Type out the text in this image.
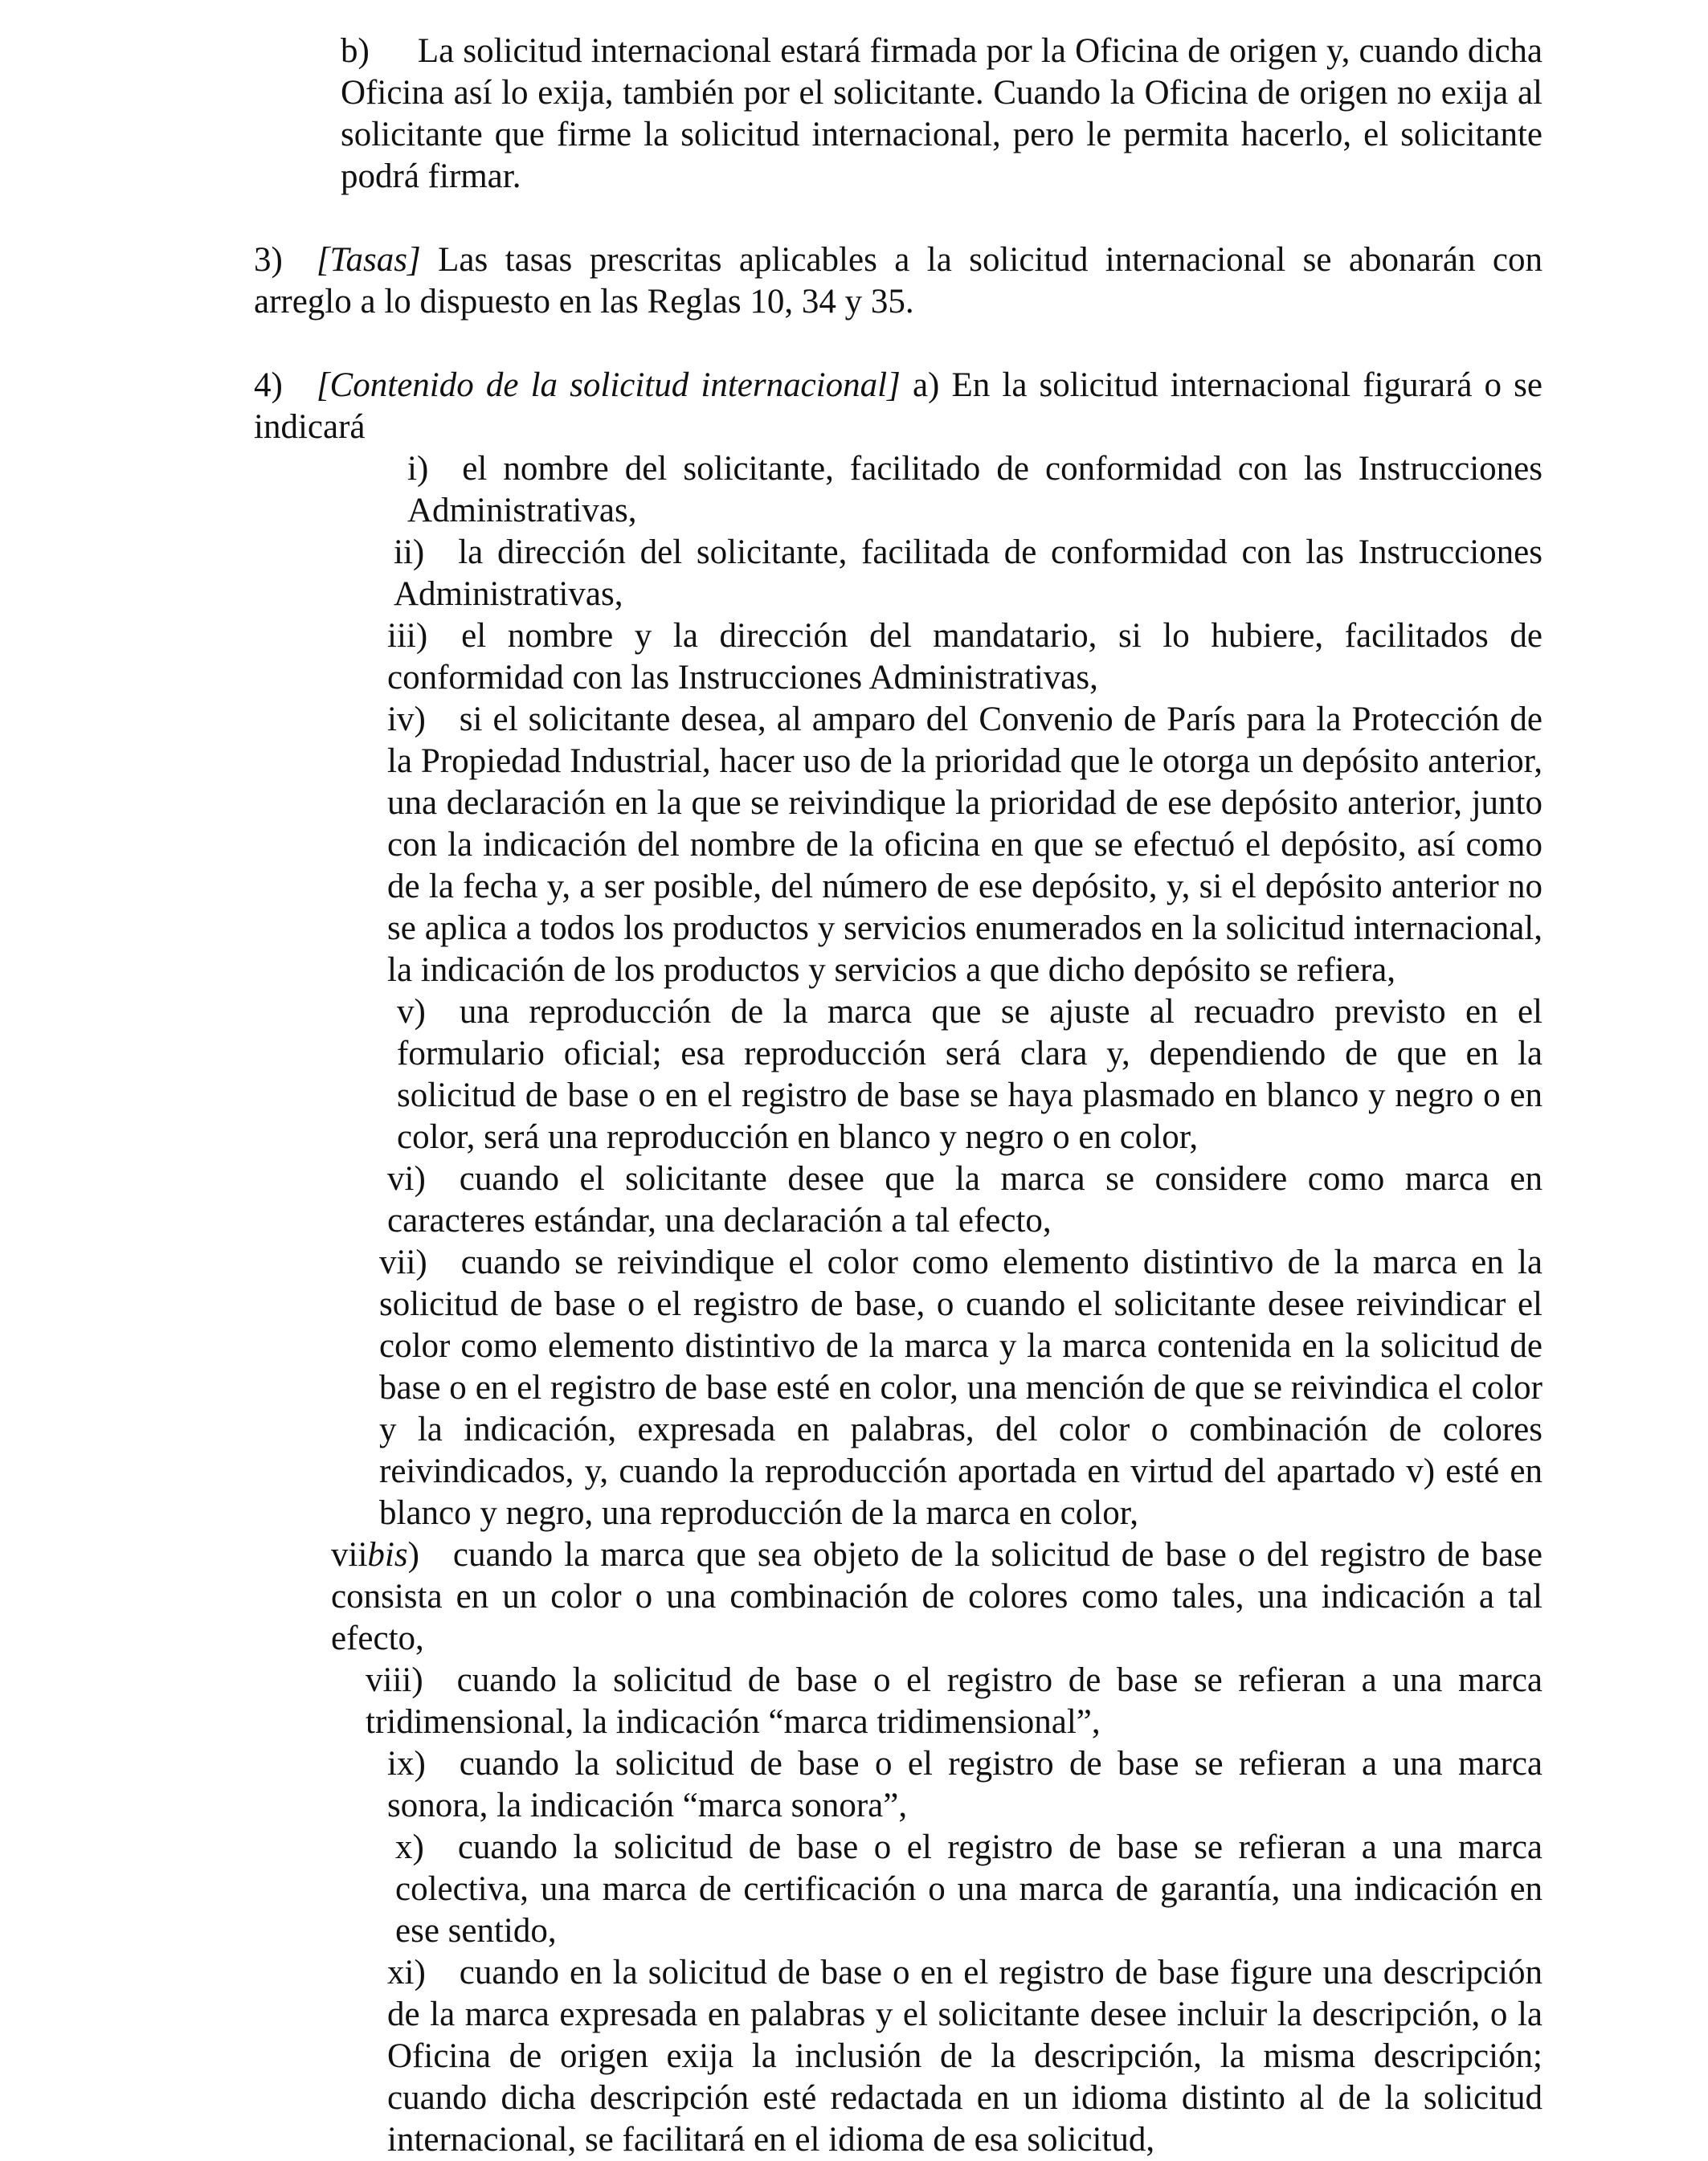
b) La solicitud internacional estará firmada por la Oficina de origen y, cuando dicha Oficina así lo exija, también por el solicitante. Cuando la Oficina de origen no exija al solicitante que firme la solicitud internacional, pero le permita hacerlo, el solicitante podrá firmar.

3) [Tasas] Las tasas prescritas aplicables a la solicitud internacional se abonarán con arreglo a lo dispuesto en las Reglas 10, 34 y 35.

4) [Contenido de la solicitud internacional] a) En la solicitud internacional figurará o se indicará

i) el nombre del solicitante, facilitado de conformidad con las Instrucciones Administrativas,

ii) la dirección del solicitante, facilitada de conformidad con las Instrucciones Administrativas,

iii) el nombre y la dirección del mandatario, si lo hubiere, facilitados de conformidad con las Instrucciones Administrativas,

iv) si el solicitante desea, al amparo del Convenio de París para la Protección de la Propiedad Industrial, hacer uso de la prioridad que le otorga un depósito anterior, una declaración en la que se reivindique la prioridad de ese depósito anterior, junto con la indicación del nombre de la oficina en que se efectuó el depósito, así como de la fecha y, a ser posible, del número de ese depósito, y, si el depósito anterior no se aplica a todos los productos y servicios enumerados en la solicitud internacional, la indicación de los productos y servicios a que dicho depósito se refiera,

v) una reproducción de la marca que se ajuste al recuadro previsto en el formulario oficial; esa reproducción será clara y, dependiendo de que en la solicitud de base o en el registro de base se haya plasmado en blanco y negro o en color, será una reproducción en blanco y negro o en color,

vi) cuando el solicitante desee que la marca se considere como marca en caracteres estándar, una declaración a tal efecto,

vii) cuando se reivindique el color como elemento distintivo de la marca en la solicitud de base o el registro de base, o cuando el solicitante desee reivindicar el color como elemento distintivo de la marca y la marca contenida en la solicitud de base o en el registro de base esté en color, una mención de que se reivindica el color y la indicación, expresada en palabras, del color o combinación de colores reivindicados, y, cuando la reproducción aportada en virtud del apartado v) esté en blanco y negro, una reproducción de la marca en color,

viibis) cuando la marca que sea objeto de la solicitud de base o del registro de base consista en un color o una combinación de colores como tales, una indicación a tal efecto,

viii) cuando la solicitud de base o el registro de base se refieran a una marca tridimensional, la indicación “marca tridimensional”,

ix) cuando la solicitud de base o el registro de base se refieran a una marca sonora, la indicación “marca sonora”,

x) cuando la solicitud de base o el registro de base se refieran a una marca colectiva, una marca de certificación o una marca de garantía, una indicación en ese sentido,

xi) cuando en la solicitud de base o en el registro de base figure una descripción de la marca expresada en palabras y el solicitante desee incluir la descripción, o la Oficina de origen exija la inclusión de la descripción, la misma descripción; cuando dicha descripción esté redactada en un idioma distinto al de la solicitud internacional, se facilitará en el idioma de esa solicitud,
